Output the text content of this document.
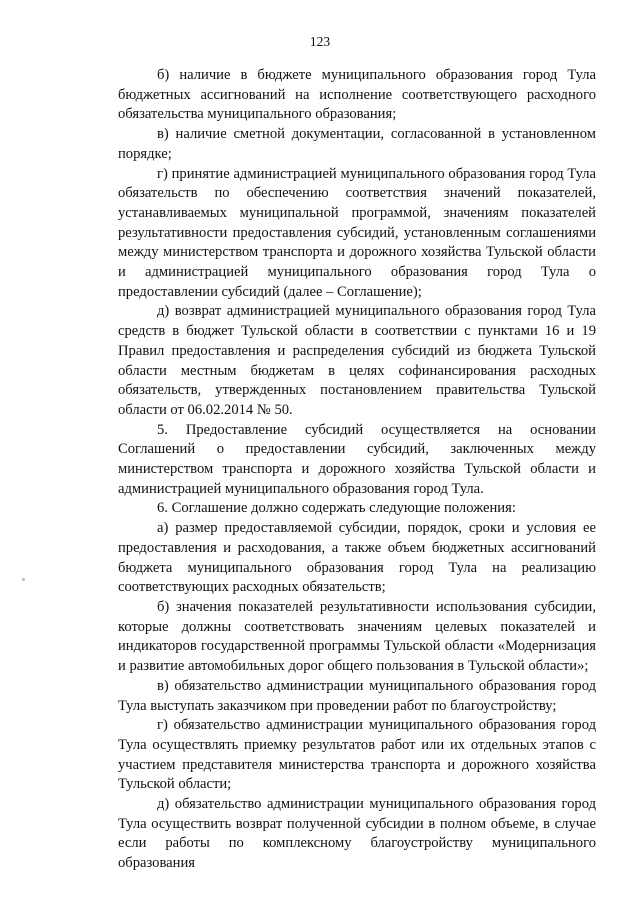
123

б) наличие в бюджете муниципального образования город Тула бюджетных ассигнований на исполнение соответствующего расходного обязательства муниципального образования;

в) наличие сметной документации, согласованной в установленном порядке;

г) принятие администрацией муниципального образования город Тула обязательств по обеспечению соответствия значений показателей, устанавливаемых муниципальной программой, значениям показателей результативности предоставления субсидий, установленным соглашениями между министерством транспорта и дорожного хозяйства Тульской области и администрацией муниципального образования город Тула о предоставлении субсидий (далее – Соглашение);

д) возврат администрацией муниципального образования город Тула средств в бюджет Тульской области в соответствии с пунктами 16 и 19 Правил предоставления и распределения субсидий из бюджета Тульской области местным бюджетам в целях софинансирования расходных обязательств, утвержденных постановлением правительства Тульской области от 06.02.2014 № 50.

5. Предоставление субсидий осуществляется на основании Соглашений о предоставлении субсидий, заключенных между министерством транспорта и дорожного хозяйства Тульской области и администрацией муниципального образования город Тула.

6. Соглашение должно содержать следующие положения:

а) размер предоставляемой субсидии, порядок, сроки и условия ее предоставления и расходования, а также объем бюджетных ассигнований бюджета муниципального образования город Тула на реализацию соответствующих расходных обязательств;

б) значения показателей результативности использования субсидии, которые должны соответствовать значениям целевых показателей и индикаторов государственной программы Тульской области «Модернизация и развитие автомобильных дорог общего пользования в Тульской области»;

в) обязательство администрации муниципального образования город Тула выступать заказчиком при проведении работ по благоустройству;

г) обязательство администрации муниципального образования город Тула осуществлять приемку результатов работ или их отдельных этапов с участием представителя министерства транспорта и дорожного хозяйства Тульской области;

д) обязательство администрации муниципального образования город Тула осуществить возврат полученной субсидии в полном объеме, в случае если работы по комплексному благоустройству муниципального образования
